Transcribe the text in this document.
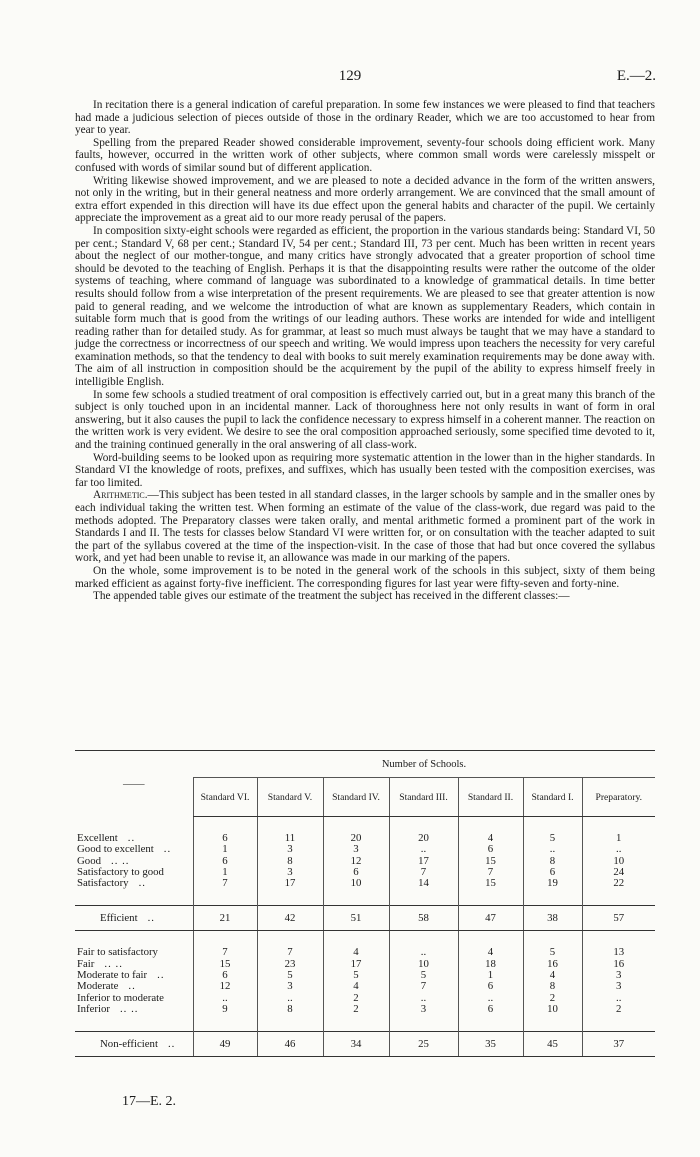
129	E.—2.

In recitation there is a general indication of careful preparation. In some few instances we were pleased to find that teachers had made a judicious selection of pieces outside of those in the ordinary Reader, which we are too accustomed to hear from year to year.

Spelling from the prepared Reader showed considerable improvement, seventy-four schools doing efficient work. Many faults, however, occurred in the written work of other subjects, where common small words were carelessly misspelt or confused with words of similar sound but of different application.

Writing likewise showed improvement, and we are pleased to note a decided advance in the form of the written answers, not only in the writing, but in their general neatness and more orderly arrangement. We are convinced that the small amount of extra effort expended in this direction will have its due effect upon the general habits and character of the pupil. We certainly appreciate the improvement as a great aid to our more ready perusal of the papers.

In composition sixty-eight schools were regarded as efficient, the proportion in the various standards being: Standard VI, 50 per cent.; Standard V, 68 per cent.; Standard IV, 54 per cent.; Standard III, 73 per cent. Much has been written in recent years about the neglect of our mother-tongue, and many critics have strongly advocated that a greater proportion of school time should be devoted to the teaching of English. Perhaps it is that the disappointing results were rather the outcome of the older systems of teaching, where command of language was subordinated to a knowledge of grammatical details. In time better results should follow from a wise interpretation of the present requirements. We are pleased to see that greater attention is now paid to general reading, and we welcome the introduction of what are known as supplementary Readers, which contain in suitable form much that is good from the writings of our leading authors. These works are intended for wide and intelligent reading rather than for detailed study. As for grammar, at least so much must always be taught that we may have a standard to judge the correctness or incorrectness of our speech and writing. We would impress upon teachers the necessity for very careful examination methods, so that the tendency to deal with books to suit merely examination requirements may be done away with. The aim of all instruction in composition should be the acquirement by the pupil of the ability to express himself freely in intelligible English.

In some few schools a studied treatment of oral composition is effectively carried out, but in a great many this branch of the subject is only touched upon in an incidental manner. Lack of thoroughness here not only results in want of form in oral answering, but it also causes the pupil to lack the confidence necessary to express himself in a coherent manner. The reaction on the written work is very evident. We desire to see the oral composition approached seriously, some specified time devoted to it, and the training continued generally in the oral answering of all class-work.

Word-building seems to be looked upon as requiring more systematic attention in the lower than in the higher standards. In Standard VI the knowledge of roots, prefixes, and suffixes, which has usually been tested with the composition exercises, was far too limited.

Arithmetic.—This subject has been tested in all standard classes, in the larger schools by sample and in the smaller ones by each individual taking the written test. When forming an estimate of the value of the class-work, due regard was paid to the methods adopted. The Preparatory classes were taken orally, and mental arithmetic formed a prominent part of the work in Standards I and II. The tests for classes below Standard VI were written for, or on consultation with the teacher adapted to suit the part of the syllabus covered at the time of the inspection-visit. In the case of those that had but once covered the syllabus work, and yet had been unable to revise it, an allowance was made in our marking of the papers.

On the whole, some improvement is to be noted in the general work of the schools in this subject, sixty of them being marked efficient as against forty-five inefficient. The corresponding figures for last year were fifty-seven and forty-nine.

The appended table gives our estimate of the treatment the subject has received in the different classes:—

——	Number of Schools.						
	Standard VI.	Standard V.	Standard IV.	Standard III.	Standard II.	Standard I.	Preparatory.

Excellent ..	6	11	20	20	4	5	1
Good to excellent ..	1	3	3	..	6	..	..
Good .. ..	6	8	12	17	15	8	10
Satisfactory to good	1	3	6	7	7	6	24
Satisfactory ..	7	17	10	14	15	19	22

Efficient ..	21	42	51	58	47	38	57

Fair to satisfactory	7	7	4	..	4	5	13
Fair .. ..	15	23	17	10	18	16	16
Moderate to fair ..	6	5	5	5	1	4	3
Moderate ..	12	3	4	7	6	8	3
Inferior to moderate	..	..	2	..	..	2	..
Inferior .. ..	9	8	2	3	6	10	2

Non-efficient ..	49	46	34	25	35	45	37
17—E. 2.
